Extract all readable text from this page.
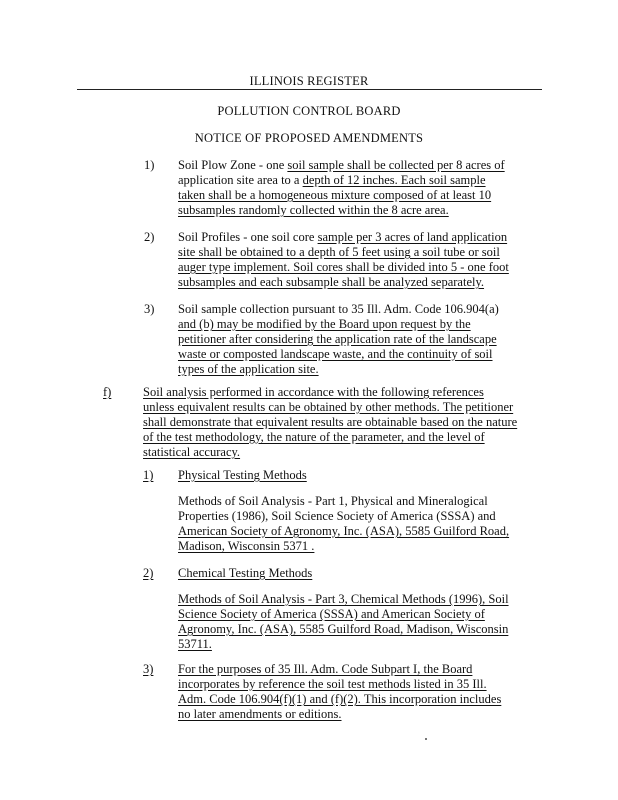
ILLINOIS REGISTER
POLLUTION CONTROL BOARD
NOTICE OF PROPOSED AMENDMENTS
1) Soil Plow Zone - one soil sample shall be collected per 8 acres of
application site area to a depth of 12 inches. Each soil sample
taken shall be a homogeneous mixture composed of at least 10
subsamples randomly collected within the 8 acre area.
2) Soil Profiles - one soil core sample per 3 acres of land application
site shall be obtained to a depth of 5 feet using a soil tube or soil
auger type implement. Soil cores shall be divided into 5 - one foot
subsamples and each subsample shall be analyzed separately.
3) Soil sample collection pursuant to 35 Ill. Adm. Code 106.904(a)
and (b) may be modified by the Board upon request by the
petitioner after considering the application rate of the landscape
waste or composted landscape waste, and the continuity of soil
types of the application site.
f)	Soil analysis performed in accordance with the following references
unless equivalent results can be obtained by other methods. The petitioner
shall demonstrate that equivalent results are obtainable based on the nature
of the test methodology, the nature of the parameter, and the level of
statistical accuracy.
1) Physical Testing Methods
Methods of Soil Analysis - Part 1, Physical and Mineralogical
Properties (1986), Soil Science Society of America (SSSA) and
American Society of Agronomy, Inc. (ASA), 5585 Guilford Road,
Madison, Wisconsin 5371 .
2) Chemical Testing Methods
Methods of Soil Analysis - Part 3, Chemical Methods (1996), Soil
Science Society of America (SSSA) and American Society of
Agronomy, Inc. (ASA), 5585 Guilford Road, Madison, Wisconsin
53711.
3) For the purposes of 35 Ill. Adm. Code Subpart I, the Board
incorporates by reference the soil test methods listed in 35 Ill.
Adm. Code 106.904(f)(1) and (f)(2). This incorporation includes
no later amendments or editions.
